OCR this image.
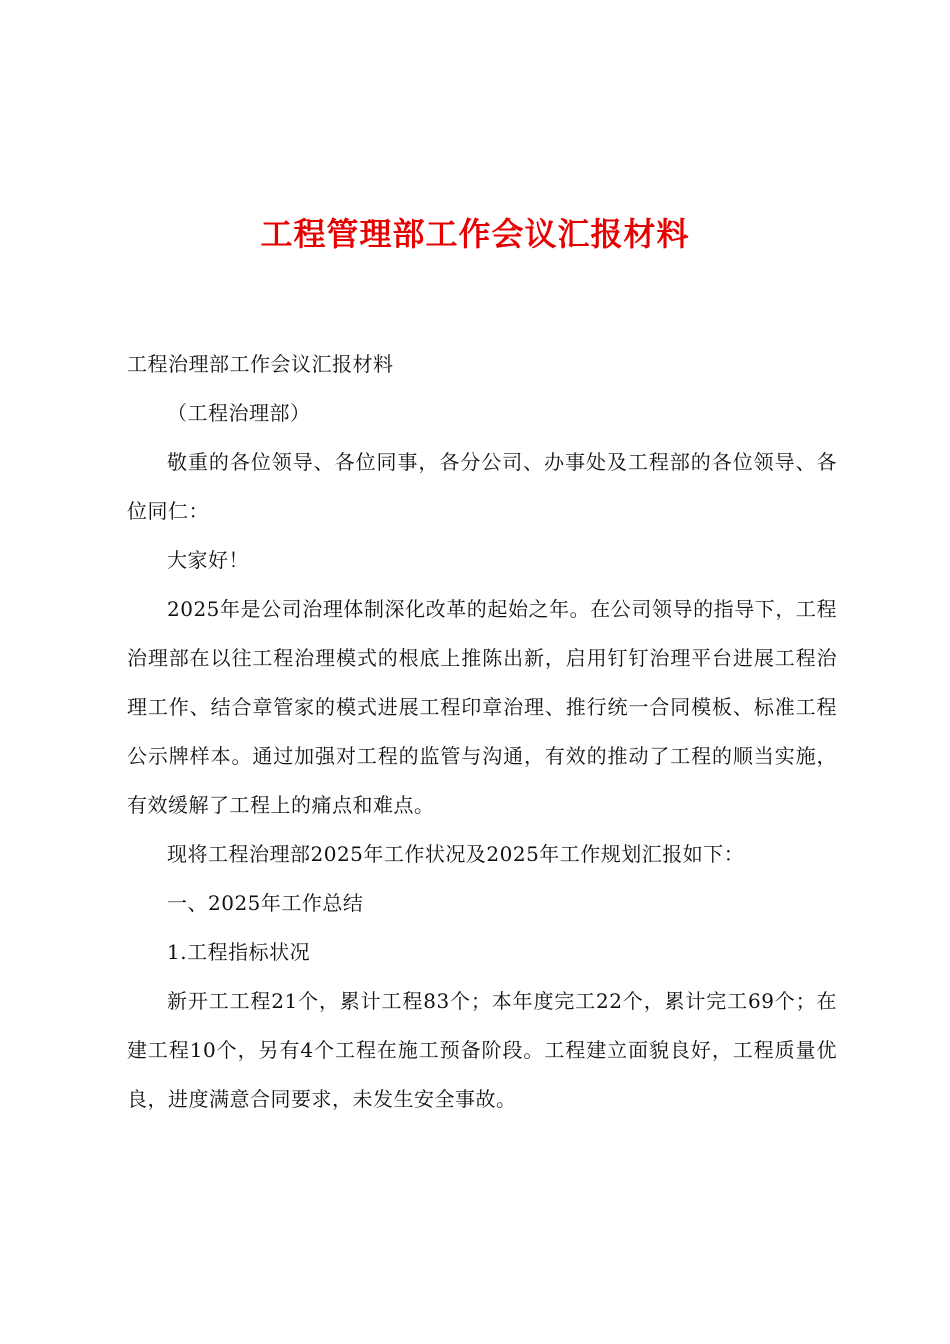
工程管理部工作会议汇报材料

工程治理部工作会议汇报材料

（工程治理部）

敬重的各位领导、各位同事，各分公司、办事处及工程部的各位领导、各位同仁：

大家好！

2025年是公司治理体制深化改革的起始之年。在公司领导的指导下，工程治理部在以往工程治理模式的根底上推陈出新，启用钉钉治理平台进展工程治理工作、结合章管家的模式进展工程印章治理、推行统一合同模板、标准工程公示牌样本。通过加强对工程的监管与沟通，有效的推动了工程的顺当实施，有效缓解了工程上的痛点和难点。

现将工程治理部2025年工作状况及2025年工作规划汇报如下：

一、2025年工作总结

1.工程指标状况

新开工工程21个，累计工程83个；本年度完工22个，累计完工69个；在建工程10个，另有4个工程在施工预备阶段。工程建立面貌良好，工程质量优良，进度满意合同要求，未发生安全事故。
